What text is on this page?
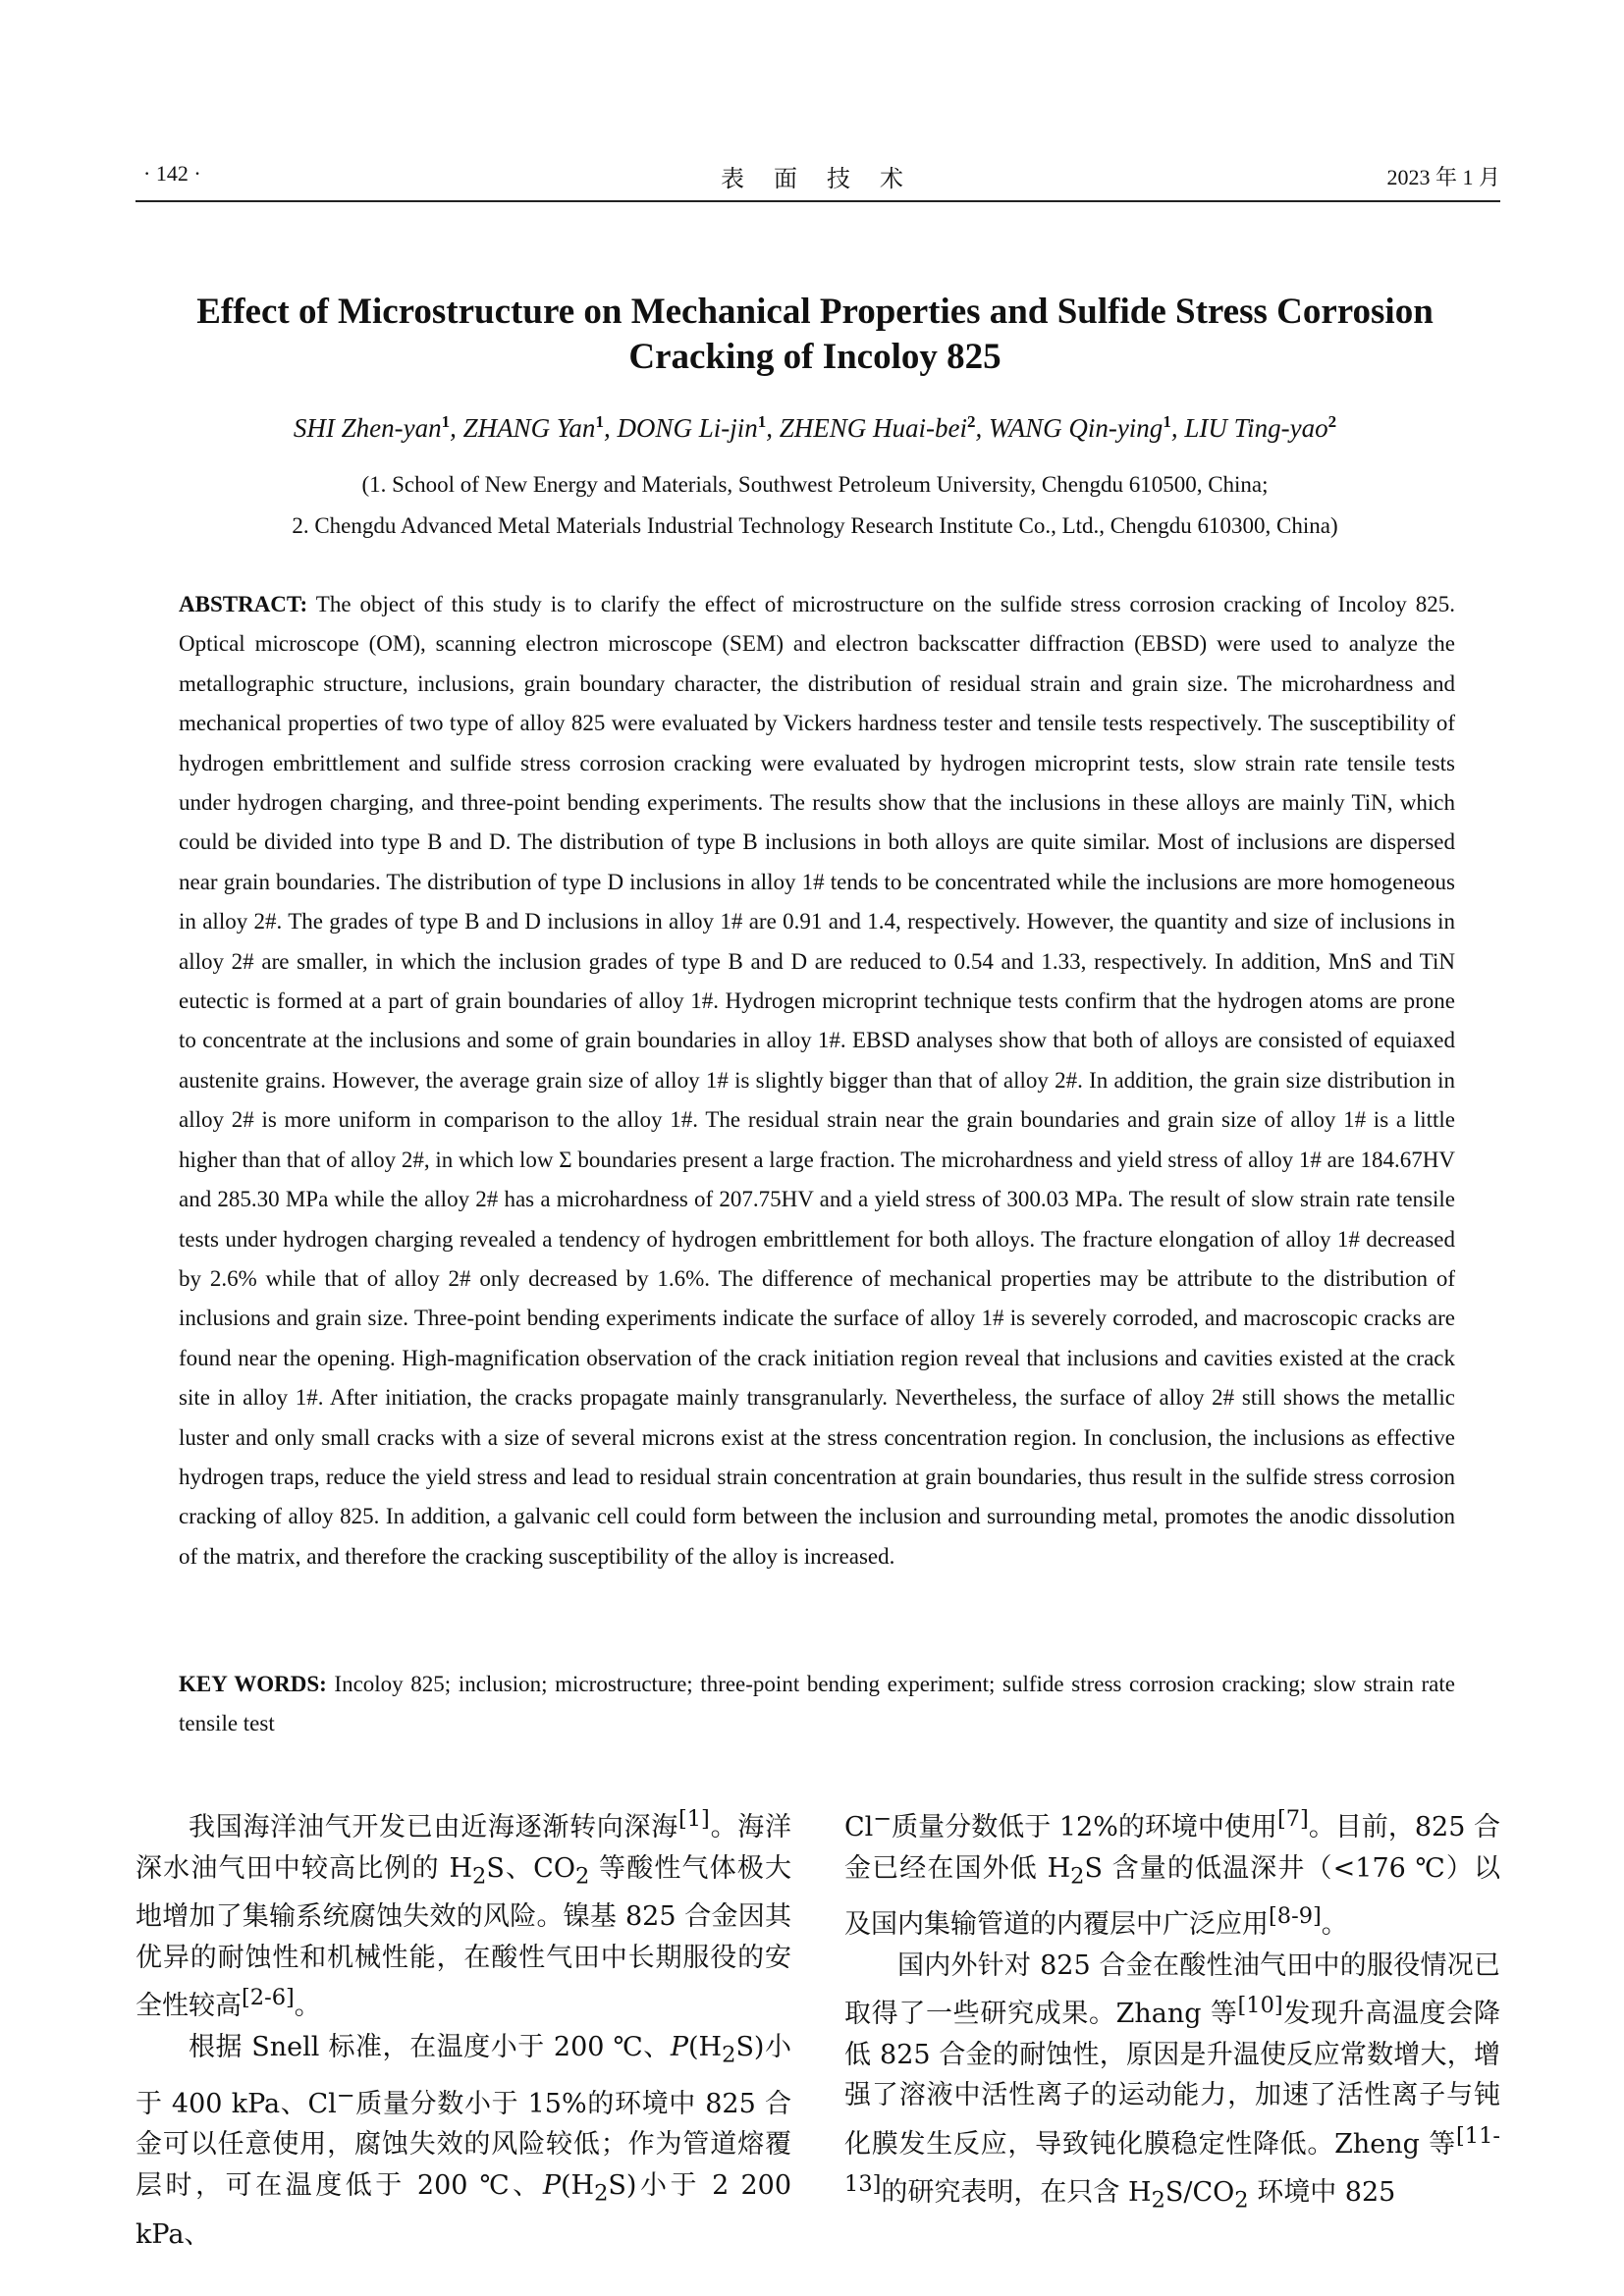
· 142 ·	表 面 技 术	2023 年 1 月
Effect of Microstructure on Mechanical Properties and Sulfide Stress Corrosion Cracking of Incoloy 825
SHI Zhen-yan$^1$, ZHANG Yan$^1$, DONG Li-jin$^1$, ZHENG Huai-bei$^2$, WANG Qin-ying$^1$, LIU Ting-yao$^2$
(1. School of New Energy and Materials, Southwest Petroleum University, Chengdu 610500, China;
2. Chengdu Advanced Metal Materials Industrial Technology Research Institute Co., Ltd., Chengdu 610300, China)
ABSTRACT: The object of this study is to clarify the effect of microstructure on the sulfide stress corrosion cracking of Incoloy 825. Optical microscope (OM), scanning electron microscope (SEM) and electron backscatter diffraction (EBSD) were used to analyze the metallographic structure, inclusions, grain boundary character, the distribution of residual strain and grain size. The microhardness and mechanical properties of two type of alloy 825 were evaluated by Vickers hardness tester and tensile tests respectively. The susceptibility of hydrogen embrittlement and sulfide stress corrosion cracking were evaluated by hydrogen microprint tests, slow strain rate tensile tests under hydrogen charging, and three-point bending experiments. The results show that the inclusions in these alloys are mainly TiN, which could be divided into type B and D. The distribution of type B inclusions in both alloys are quite similar. Most of inclusions are dispersed near grain boundaries. The distribution of type D inclusions in alloy 1# tends to be concentrated while the inclusions are more homogeneous in alloy 2#. The grades of type B and D inclusions in alloy 1# are 0.91 and 1.4, respectively. However, the quantity and size of inclusions in alloy 2# are smaller, in which the inclusion grades of type B and D are reduced to 0.54 and 1.33, respectively. In addition, MnS and TiN eutectic is formed at a part of grain boundaries of alloy 1#. Hydrogen microprint technique tests confirm that the hydrogen atoms are prone to concentrate at the inclusions and some of grain boundaries in alloy 1#. EBSD analyses show that both of alloys are consisted of equiaxed austenite grains. However, the average grain size of alloy 1# is slightly bigger than that of alloy 2#. In addition, the grain size distribution in alloy 2# is more uniform in comparison to the alloy 1#. The residual strain near the grain boundaries and grain size of alloy 1# is a little higher than that of alloy 2#, in which low Σ boundaries present a large fraction. The microhardness and yield stress of alloy 1# are 184.67HV and 285.30 MPa while the alloy 2# has a microhardness of 207.75HV and a yield stress of 300.03 MPa. The result of slow strain rate tensile tests under hydrogen charging revealed a tendency of hydrogen embrittlement for both alloys. The fracture elongation of alloy 1# decreased by 2.6% while that of alloy 2# only decreased by 1.6%. The difference of mechanical properties may be attribute to the distribution of inclusions and grain size. Three-point bending experiments indicate the surface of alloy 1# is severely corroded, and macroscopic cracks are found near the opening. High-magnification observation of the crack initiation region reveal that inclusions and cavities existed at the crack site in alloy 1#. After initiation, the cracks propagate mainly transgranularly. Nevertheless, the surface of alloy 2# still shows the metallic luster and only small cracks with a size of several microns exist at the stress concentration region. In conclusion, the inclusions as effective hydrogen traps, reduce the yield stress and lead to residual strain concentration at grain boundaries, thus result in the sulfide stress corrosion cracking of alloy 825. In addition, a galvanic cell could form between the inclusion and surrounding metal, promotes the anodic dissolution of the matrix, and therefore the cracking susceptibility of the alloy is increased.
KEY WORDS: Incoloy 825; inclusion; microstructure; three-point bending experiment; sulfide stress corrosion cracking; slow strain rate tensile test

我国海洋油气开发已由近海逐渐转向深海[1]。海洋深水油气田中较高比例的 $H_2S$、$CO_2$ 等酸性气体极大地增加了集输系统腐蚀失效的风险。镍基 825 合金因其优异的耐蚀性和机械性能，在酸性气田中长期服役的安全性较高[2-6]。

根据 Snell 标准，在温度小于 200 ℃、$P(H_2S)$小于 400 kPa、Cl−质量分数小于 15%的环境中 825 合金可以任意使用，腐蚀失效的风险较低；作为管道熔覆层时，可在温度低于 200 ℃、$P(H_2S)$小于 2 200 kPa、

Cl−质量分数低于 12%的环境中使用[7]。目前，825 合金已经在国外低 $H_2S$ 含量的低温深井（<176 ℃）以及国内集输管道的内覆层中广泛应用[8-9]。

国内外针对 825 合金在酸性油气田中的服役情况已取得了一些研究成果。Zhang 等[10]发现升高温度会降低 825 合金的耐蚀性，原因是升温使反应常数增大，增强了溶液中活性离子的运动能力，加速了活性离子与钝化膜发生反应，导致钝化膜稳定性降低。Zheng 等[11-13]的研究表明，在只含 $H_2S/CO_2$ 环境中 825
